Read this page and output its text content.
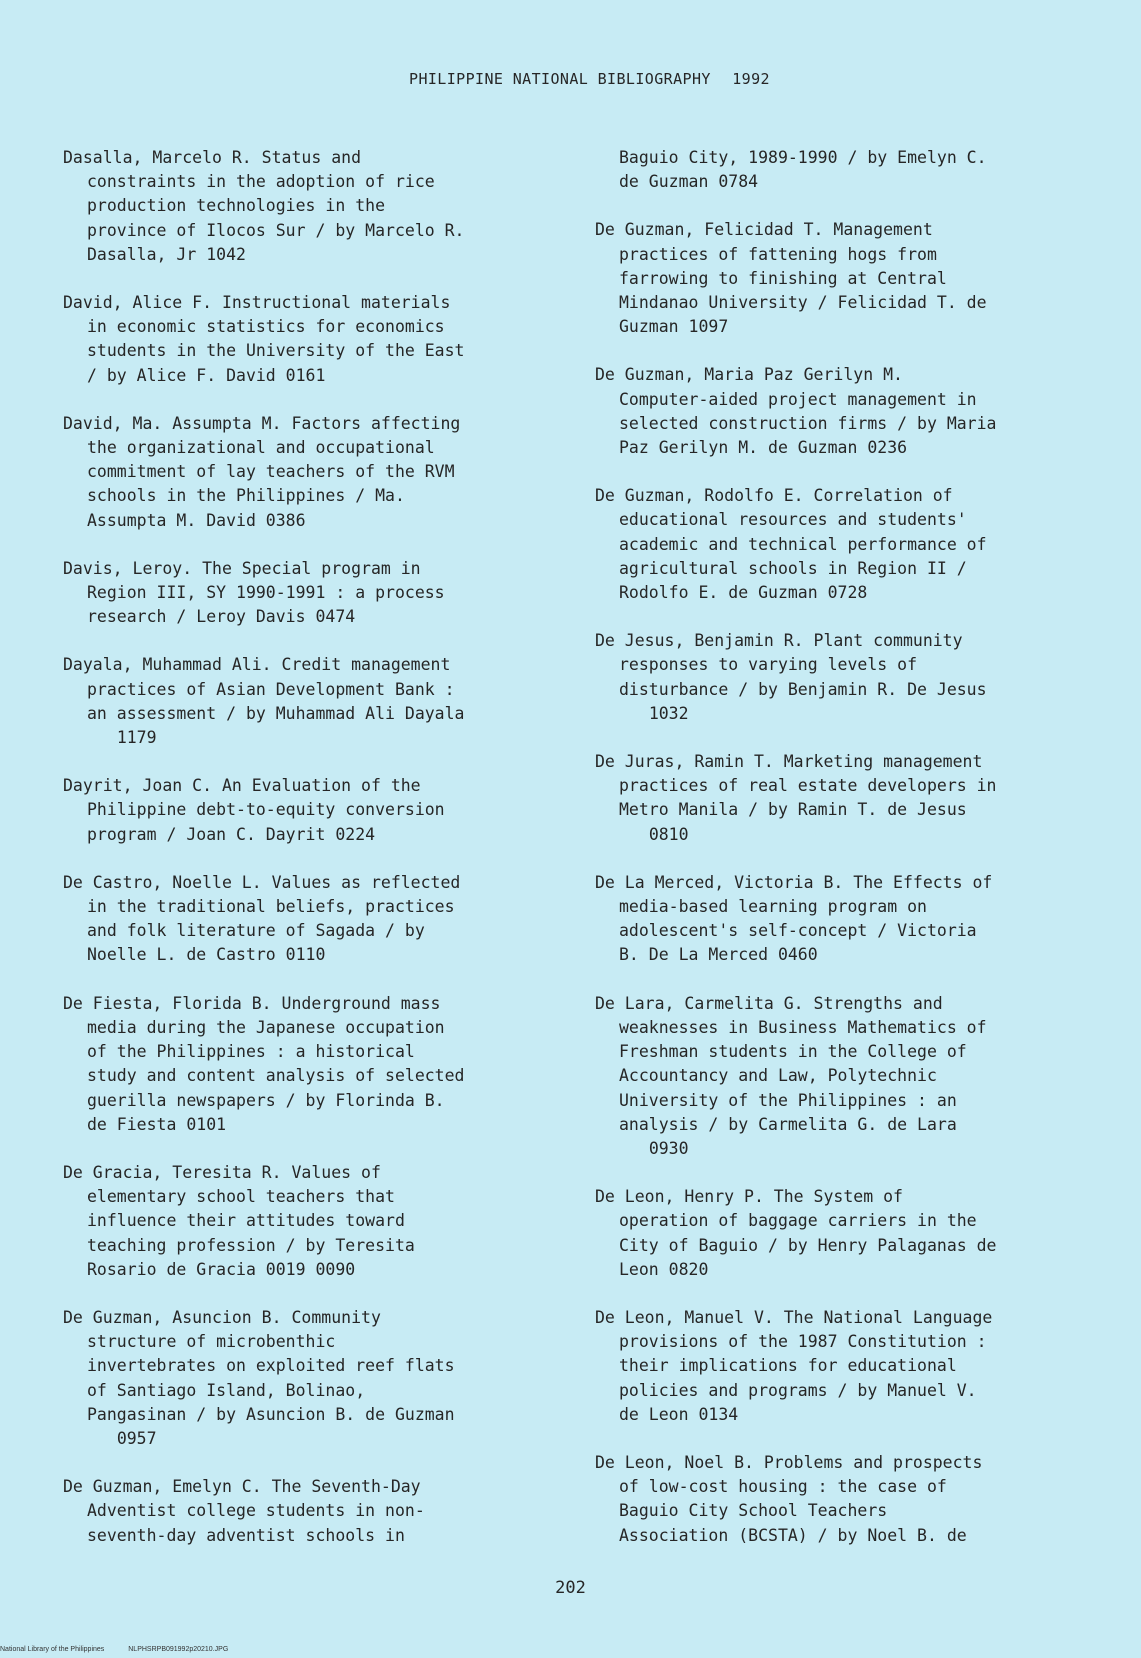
PHILIPPINE NATIONAL BIBLIOGRAPHY 1992
Dasalla, Marcelo R. Status and
constraints in the adoption of rice
production technologies in the
province of Ilocos Sur / by Marcelo R.
Dasalla, Jr 1042
David, Alice F. Instructional materials
in economic statistics for economics
students in the University of the East
/ by Alice F. David 0161
David, Ma. Assumpta M. Factors affecting
the organizational and occupational
commitment of lay teachers of the RVM
schools in the Philippines / Ma.
Assumpta M. David 0386
Davis, Leroy. The Special program in
Region III, SY 1990-1991 : a process
research / Leroy Davis 0474
Dayala, Muhammad Ali. Credit management
practices of Asian Development Bank :
an assessment / by Muhammad Ali Dayala
1179
Dayrit, Joan C. An Evaluation of the
Philippine debt-to-equity conversion
program / Joan C. Dayrit 0224
De Castro, Noelle L. Values as reflected
in the traditional beliefs, practices
and folk literature of Sagada / by
Noelle L. de Castro 0110
De Fiesta, Florida B. Underground mass
media during the Japanese occupation
of the Philippines : a historical
study and content analysis of selected
guerilla newspapers / by Florinda B.
de Fiesta 0101
De Gracia, Teresita R. Values of
elementary school teachers that
influence their attitudes toward
teaching profession / by Teresita
Rosario de Gracia 0019 0090
De Guzman, Asuncion B. Community
structure of microbenthic
invertebrates on exploited reef flats
of Santiago Island, Bolinao,
Pangasinan / by Asuncion B. de Guzman
0957
De Guzman, Emelyn C. The Seventh-Day
Adventist college students in non-
seventh-day adventist schools in
Baguio City, 1989-1990 / by Emelyn C.
de Guzman 0784
De Guzman, Felicidad T. Management
practices of fattening hogs from
farrowing to finishing at Central
Mindanao University / Felicidad T. de
Guzman 1097
De Guzman, Maria Paz Gerilyn M.
Computer-aided project management in
selected construction firms / by Maria
Paz Gerilyn M. de Guzman 0236
De Guzman, Rodolfo E. Correlation of
educational resources and students'
academic and technical performance of
agricultural schools in Region II /
Rodolfo E. de Guzman 0728
De Jesus, Benjamin R. Plant community
responses to varying levels of
disturbance / by Benjamin R. De Jesus
1032
De Juras, Ramin T. Marketing management
practices of real estate developers in
Metro Manila / by Ramin T. de Jesus
0810
De La Merced, Victoria B. The Effects of
media-based learning program on
adolescent's self-concept / Victoria
B. De La Merced 0460
De Lara, Carmelita G. Strengths and
weaknesses in Business Mathematics of
Freshman students in the College of
Accountancy and Law, Polytechnic
University of the Philippines : an
analysis / by Carmelita G. de Lara
0930
De Leon, Henry P. The System of
operation of baggage carriers in the
City of Baguio / by Henry Palaganas de
Leon 0820
De Leon, Manuel V. The National Language
provisions of the 1987 Constitution :
their implications for educational
policies and programs / by Manuel V.
de Leon 0134
De Leon, Noel B. Problems and prospects
of low-cost housing : the case of
Baguio City School Teachers
Association (BCSTA) / by Noel B. de
202
National Library of the Philippines	NLPHSRPB091992p20210.JPG
